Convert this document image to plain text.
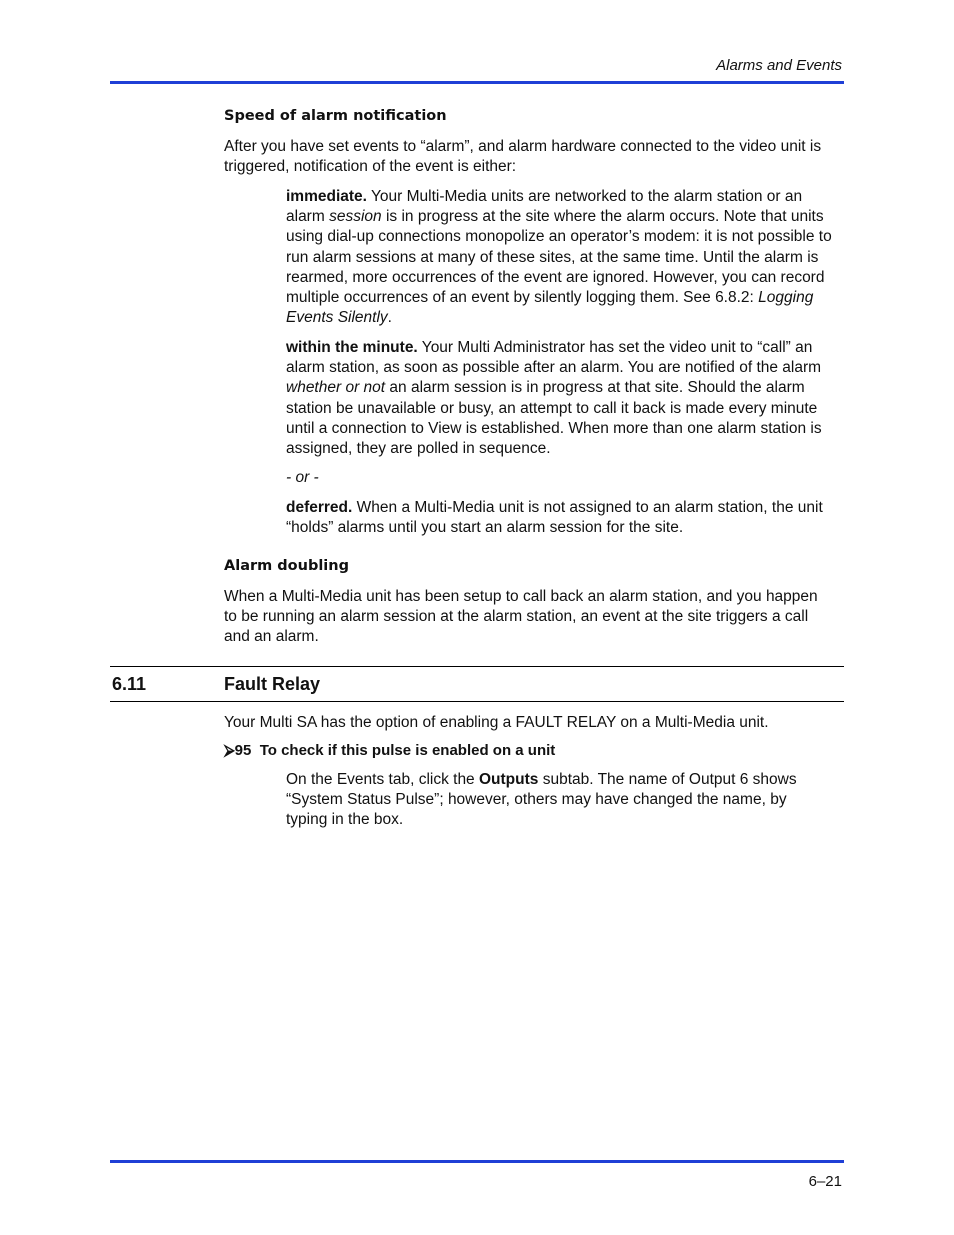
Alarms and Events
Speed of alarm notification

After you have set events to “alarm”, and alarm hardware connected to the video unit is triggered, notification of the event is either:

immediate. Your Multi-Media units are networked to the alarm station or an alarm session is in progress at the site where the alarm occurs. Note that units using dial-up connections monopolize an operator’s modem: it is not possible to run alarm sessions at many of these sites, at the same time. Until the alarm is rearmed, more occurrences of the event are ignored. However, you can record multiple occurrences of an event by silently logging them. See 6.8.2: Logging Events Silently.

within the minute. Your Multi Administrator has set the video unit to “call” an alarm station, as soon as possible after an alarm. You are notified of the alarm whether or not an alarm session is in progress at that site. Should the alarm station be unavailable or busy, an attempt to call it back is made every minute until a connection to View is established. When more than one alarm station is assigned, they are polled in sequence.

- or -

deferred. When a Multi-Media unit is not assigned to an alarm station, the unit “holds” alarms until you start an alarm session for the site.

Alarm doubling

When a Multi-Media unit has been setup to call back an alarm station, and you happen to be running an alarm session at the alarm station, an event at the site triggers a call and an alarm.

6.11	Fault Relay

Your Multi SA has the option of enabling a FAULT RELAY on a Multi-Media unit.

⮚95 To check if this pulse is enabled on a unit

On the Events tab, click the Outputs subtab. The name of Output 6 shows “System Status Pulse”; however, others may have changed the name, by typing in the box.

6–21
